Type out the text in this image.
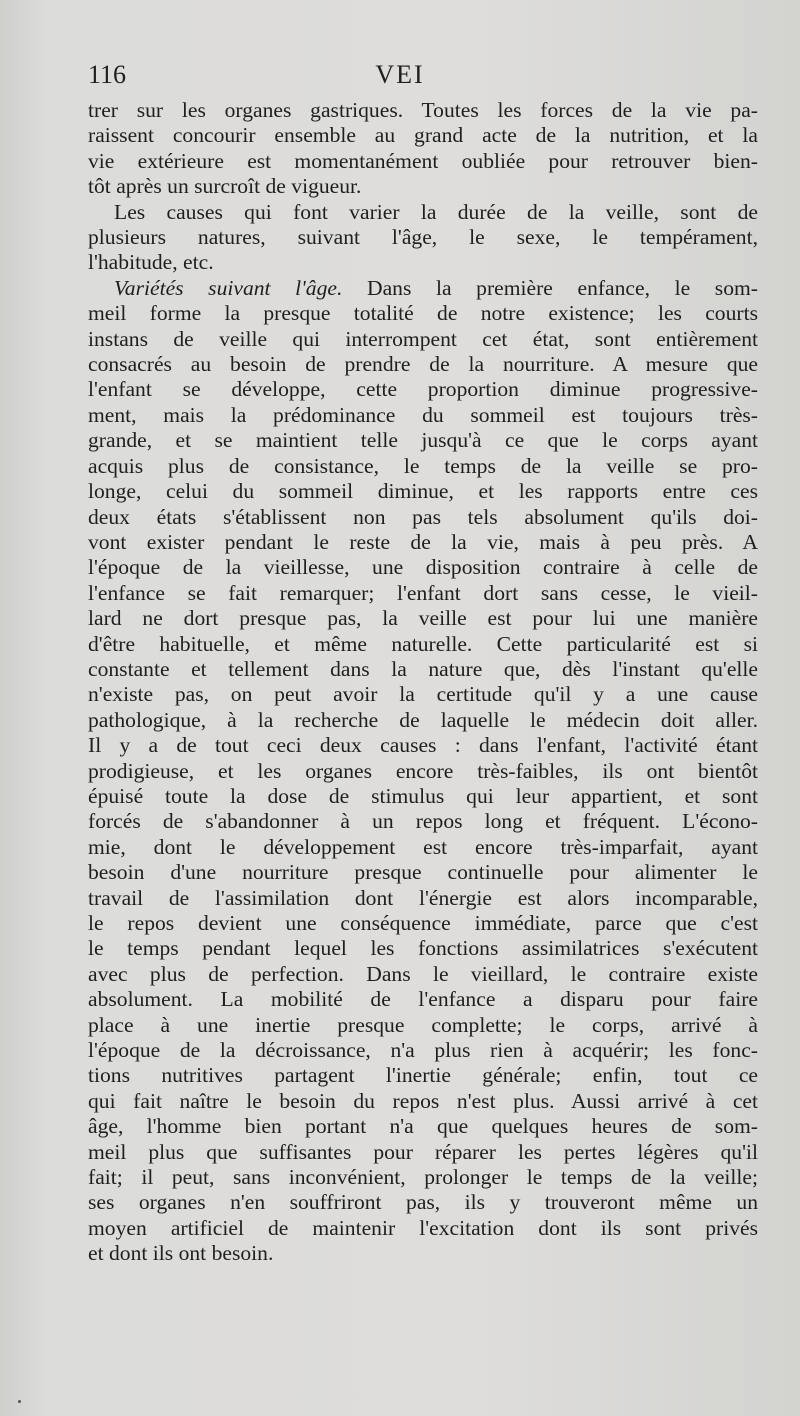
116	VEI
trer sur les organes gastriques. Toutes les forces de la vie pa-
raissent concourir ensemble au grand acte de la nutrition, et la
vie extérieure est momentanément oubliée pour retrouver bien-
tôt après un surcroît de vigueur.
Les causes qui font varier la durée de la veille, sont de
plusieurs natures, suivant l'âge, le sexe, le tempérament,
l'habitude, etc.
Variétés suivant l'âge. Dans la première enfance, le som-
meil forme la presque totalité de notre existence; les courts
instans de veille qui interrompent cet état, sont entièrement
consacrés au besoin de prendre de la nourriture. A mesure que
l'enfant se développe, cette proportion diminue progressive-
ment, mais la prédominance du sommeil est toujours très-
grande, et se maintient telle jusqu'à ce que le corps ayant
acquis plus de consistance, le temps de la veille se pro-
longe, celui du sommeil diminue, et les rapports entre ces
deux états s'établissent non pas tels absolument qu'ils doi-
vont exister pendant le reste de la vie, mais à peu près. A
l'époque de la vieillesse, une disposition contraire à celle de
l'enfance se fait remarquer; l'enfant dort sans cesse, le vieil-
lard ne dort presque pas, la veille est pour lui une manière
d'être habituelle, et même naturelle. Cette particularité est si
constante et tellement dans la nature que, dès l'instant qu'elle
n'existe pas, on peut avoir la certitude qu'il y a une cause
pathologique, à la recherche de laquelle le médecin doit aller.
Il y a de tout ceci deux causes : dans l'enfant, l'activité étant
prodigieuse, et les organes encore très-faibles, ils ont bientôt
épuisé toute la dose de stimulus qui leur appartient, et sont
forcés de s'abandonner à un repos long et fréquent. L'écono-
mie, dont le développement est encore très-imparfait, ayant
besoin d'une nourriture presque continuelle pour alimenter le
travail de l'assimilation dont l'énergie est alors incomparable,
le repos devient une conséquence immédiate, parce que c'est
le temps pendant lequel les fonctions assimilatrices s'exécutent
avec plus de perfection. Dans le vieillard, le contraire existe
absolument. La mobilité de l'enfance a disparu pour faire
place à une inertie presque complette; le corps, arrivé à
l'époque de la décroissance, n'a plus rien à acquérir; les fonc-
tions nutritives partagent l'inertie générale; enfin, tout ce
qui fait naître le besoin du repos n'est plus. Aussi arrivé à cet
âge, l'homme bien portant n'a que quelques heures de som-
meil plus que suffisantes pour réparer les pertes légères qu'il
fait; il peut, sans inconvénient, prolonger le temps de la veille;
ses organes n'en souffriront pas, ils y trouveront même un
moyen artificiel de maintenir l'excitation dont ils sont privés
et dont ils ont besoin.
